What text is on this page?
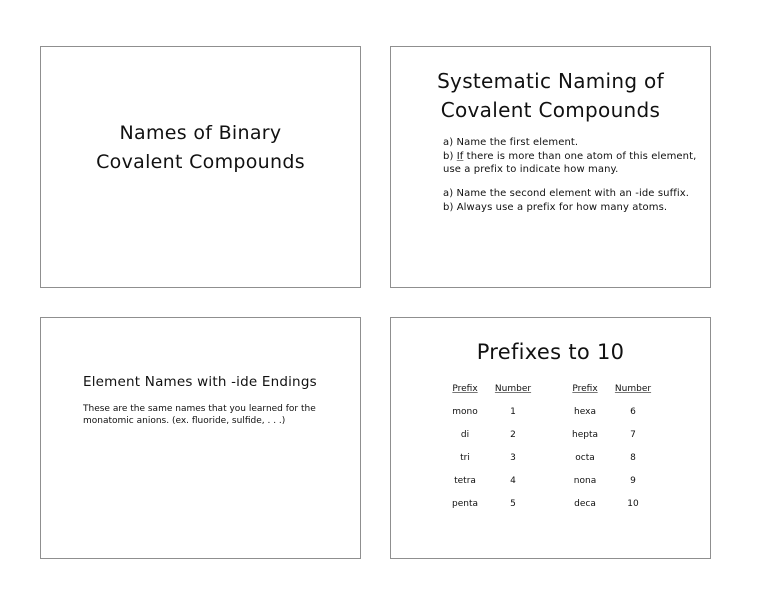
Names of Binary
Covalent Compounds
Systematic Naming of
Covalent Compounds

a) Name the first element.

b) If there is more than one atom of this element, use a prefix to indicate how many.

a) Name the second element with an -ide suffix.

b) Always use a prefix for how many atoms.

Element Names with -ide Endings
These are the same names that you learned for the monatomic anions. (ex. fluoride, sulfide, . . .)
Prefixes to 10
Prefix	Number	Prefix	Number
mono	1	hexa	6
di	2	hepta	7
tri	3	octa	8
tetra	4	nona	9
penta	5	deca	10
